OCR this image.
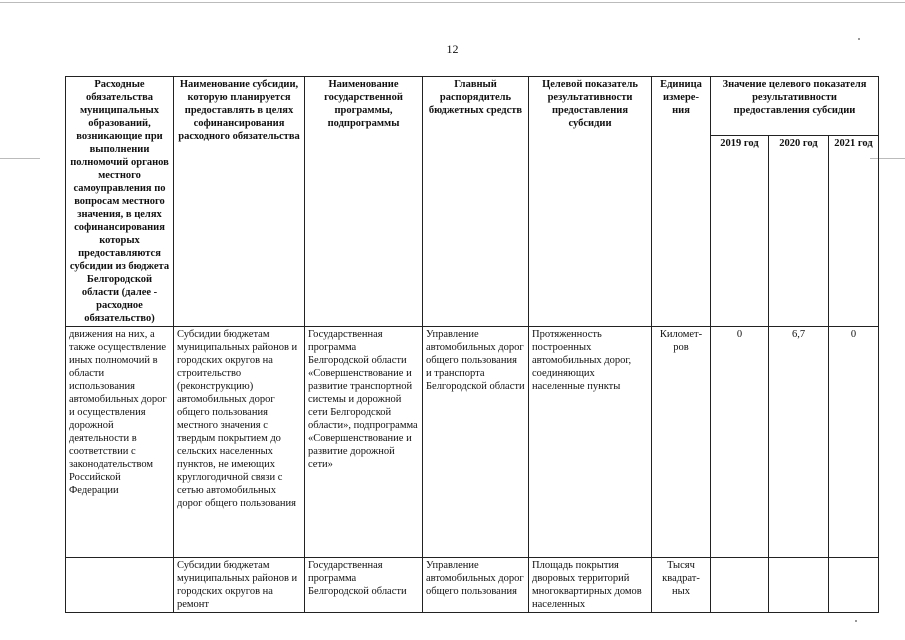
12
Расходные обязательства муниципальных образований, возникающие при выполнении полномочий органов местного самоуправления по вопросам местного значения, в целях софинансирования которых предоставляются субсидии из бюджета Белгородской области (далее - расходное обязательство)	Наименование субсидии, которую планируется предоставлять в целях софинансирования расходного обязательства	Наименование государственной программы, подпрограммы	Главный распорядитель бюджетных средств	Целевой показатель результативности предоставления субсидии	Единица измере-ния	Значение целевого показателя результативности предоставления субсидии		
						2019 год	2020 год	2021 год
движения на них, а также осуществление иных полномочий в области использования автомобильных дорог и осуществления дорожной деятельности в соответствии с законодательством Российской Федерации	Субсидии бюджетам муниципальных районов и городских округов на строительство (реконструкцию) автомобильных дорог общего пользования местного значения с твердым покрытием до сельских населенных пунктов, не имеющих круглогодичной связи с сетью автомобильных дорог общего пользования	Государственная программа Белгородской области «Совершенствование и развитие транспортной системы и дорожной сети Белгородской области», подпрограмма «Совершенствование и развитие дорожной сети»	Управление автомобильных дорог общего пользования и транспорта Белгородской области	Протяженность построенных автомобильных дорог, соединяющих населенные пункты	Километ-ров	0	6,7	0
	Субсидии бюджетам муниципальных районов и городских округов на ремонт	Государственная программа Белгородской области	Управление автомобильных дорог общего пользования	Площадь покрытия дворовых территорий многоквартирных домов населенных	Тысяч квадрат-ных			
